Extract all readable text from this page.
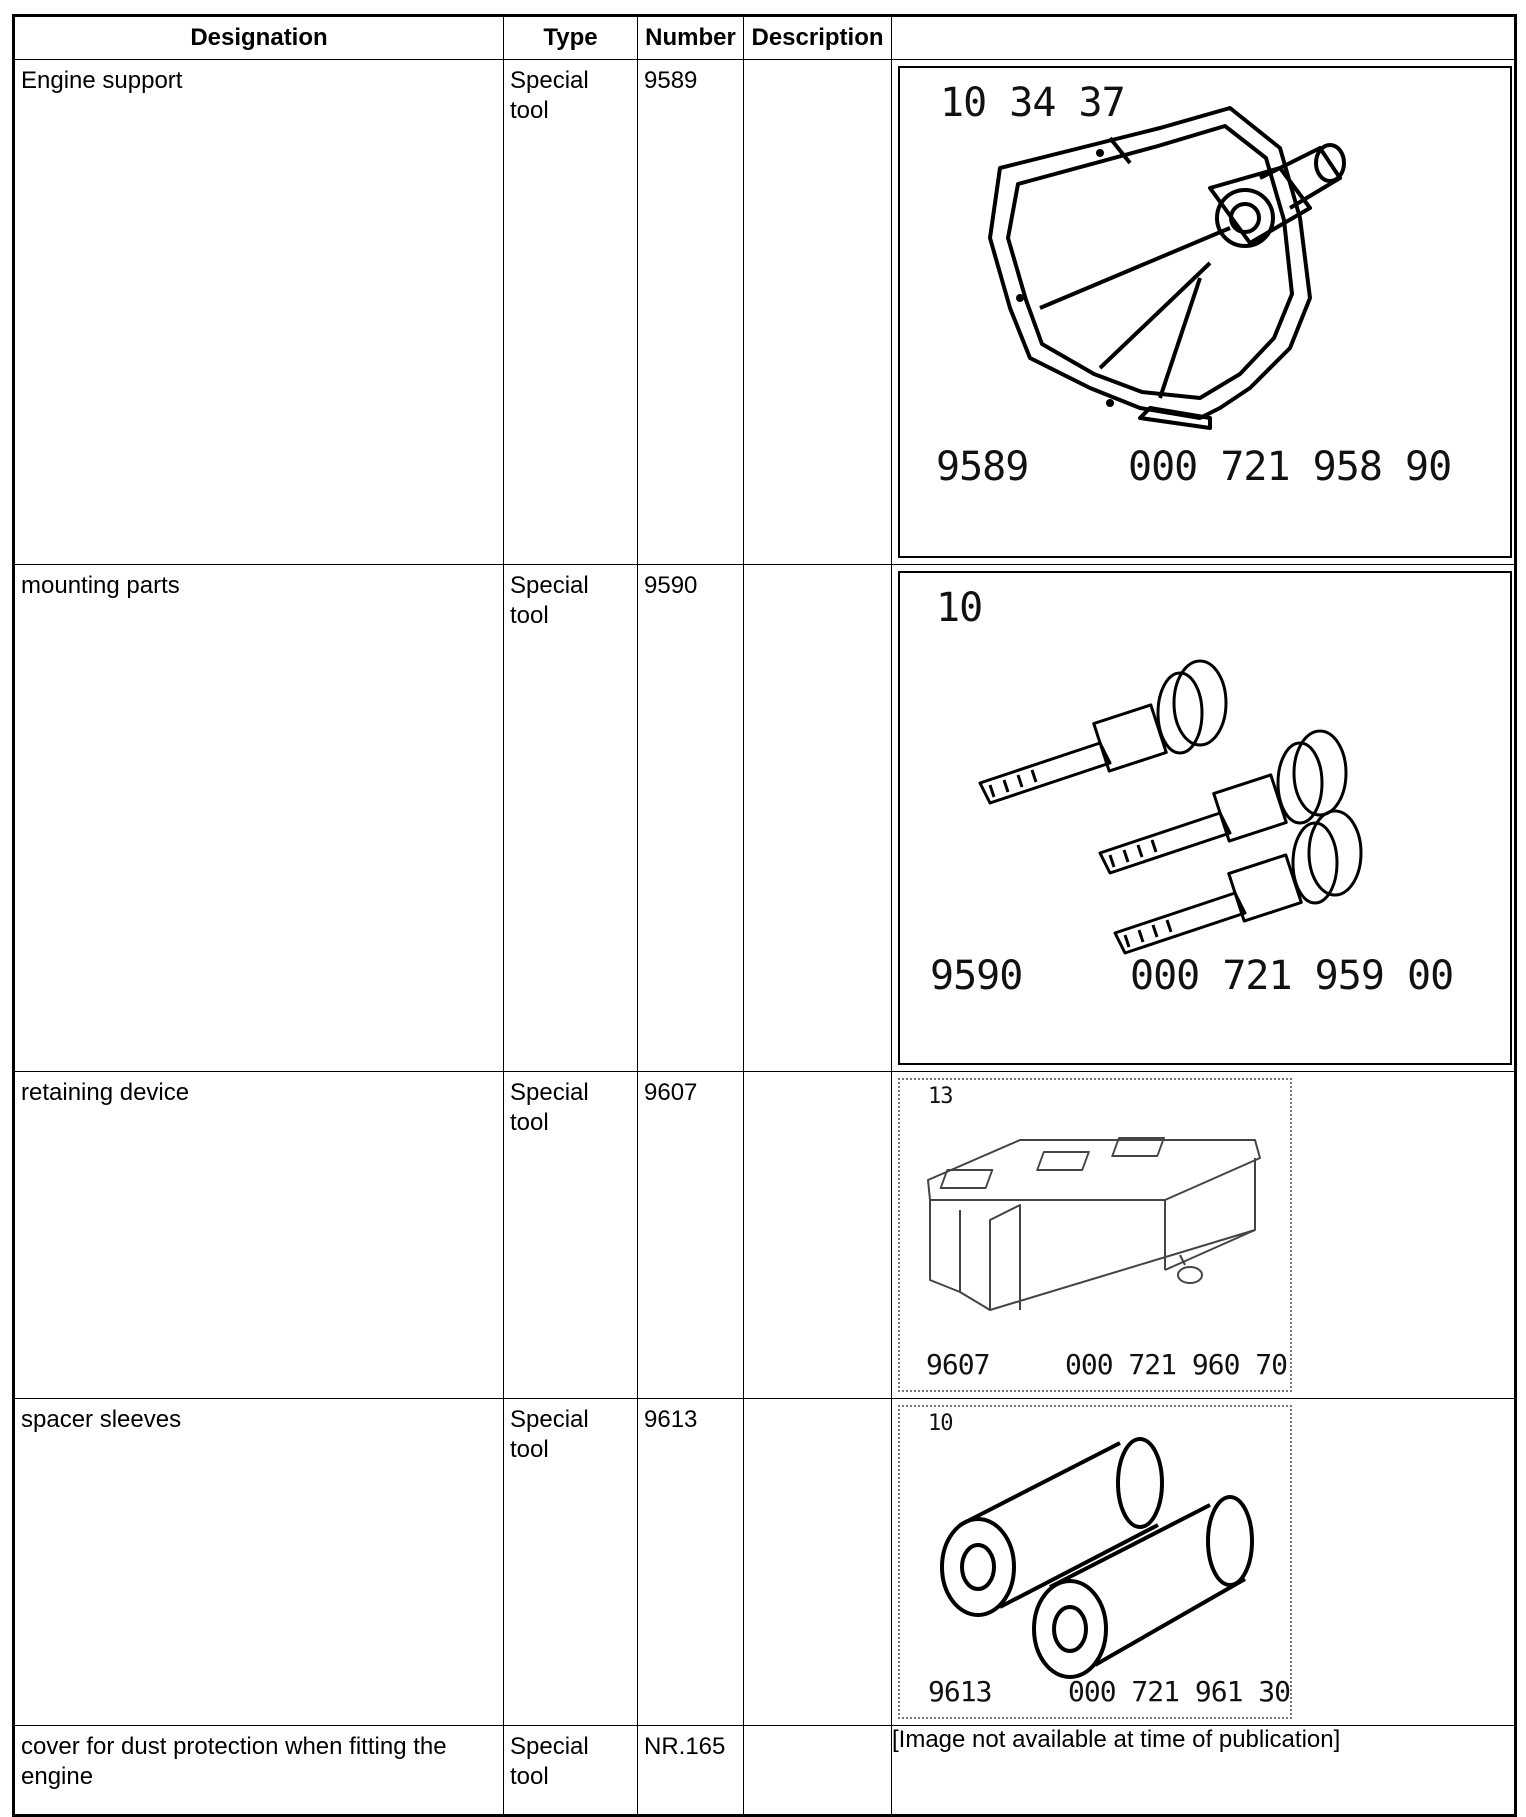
Designation	Type	Number	Description	
Engine support	Special tool	9589		10 34 37
9589 000 721 958 90

mounting parts	Special tool	9590		10
9590 000 721 959 00

retaining device	Special tool	9607		13
9607 000 721 960 70

spacer sleeves	Special tool	9613		10
9613 000 721 961 30

cover for dust protection when fitting the engine	Special tool	NR.165		[Image not available at time of publication]
